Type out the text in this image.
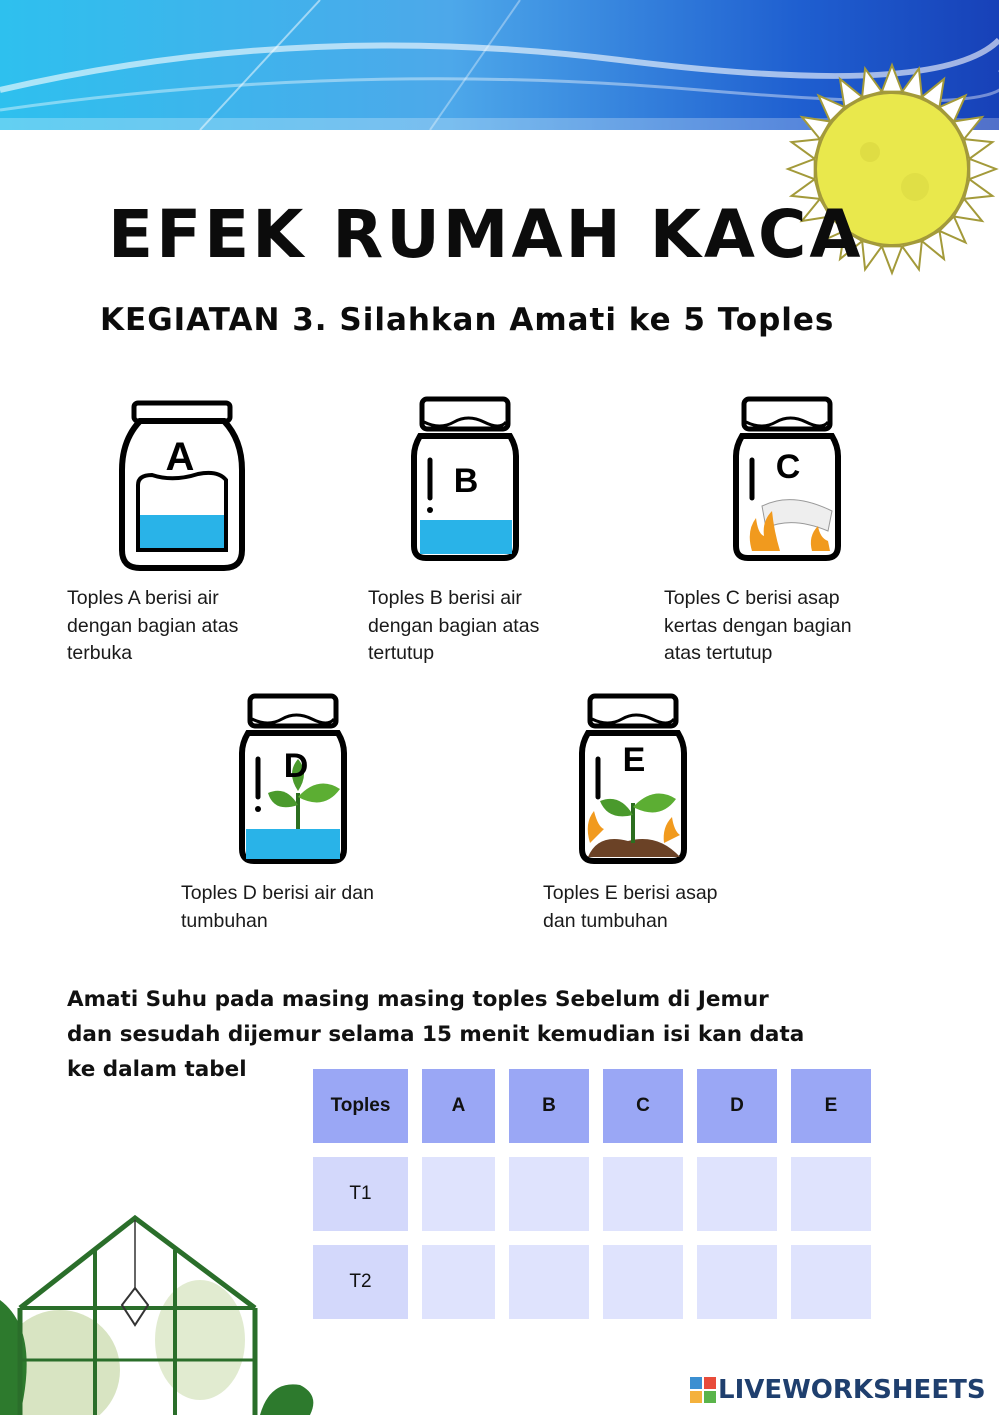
EFEK RUMAH KACA
KEGIATAN 3. Silahkan Amati ke 5 Toples
A
B	C
D	E
Toples A berisi air
dengan bagian atas
terbuka
Toples B berisi air
dengan bagian atas
tertutup
Toples C berisi asap
kertas dengan bagian
atas tertutup
Toples D berisi air dan
tumbuhan
Toples E berisi asap
dan tumbuhan
Amati Suhu pada masing masing toples Sebelum di Jemur
dan sesudah dijemur selama 15 menit kemudian isi kan data
ke dalam tabel
Toples	A	B	C	D	E
T1					
T2					
LIVEWORKSHEETS
